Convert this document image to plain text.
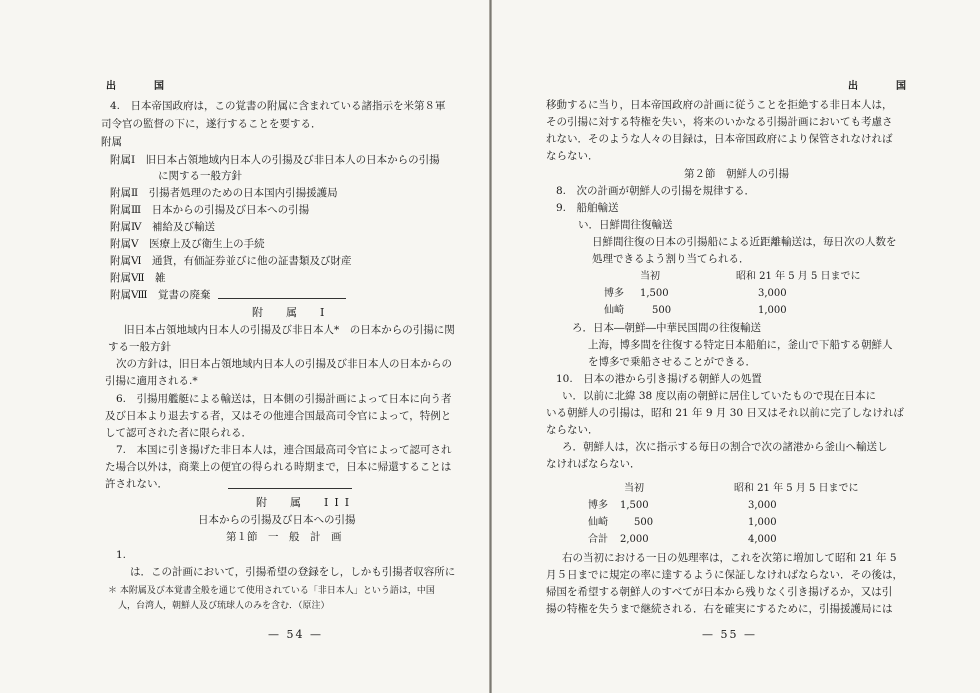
出　　国
4.　日本帝国政府は，この覚書の附属に含まれている諸指示を米第８軍
司令官の監督の下に，遂行することを要する．
附属
附属Ⅰ　旧日本占領地域内日本人の引揚及び非日本人の日本からの引揚
に関する一般方針
附属Ⅱ　引揚者処理のための日本国内引揚援護局
附属Ⅲ　日本からの引揚及び日本への引揚
附属Ⅳ　補給及び輸送
附属Ⅴ　医療上及び衛生上の手続
附属Ⅵ　通貨，有価証券並びに他の証書類及び財産
附属Ⅶ　雑
附属Ⅷ　覚書の廃棄
附　属　Ⅰ
旧日本占領地域内日本人の引揚及び非日本人*　の日本からの引揚に関
する一般方針
次の方針は，旧日本占領地域内日本人の引揚及び非日本人の日本からの
引揚に適用される.*
6.　引揚用艦艇による輸送は，日本側の引揚計画によって日本に向う者
及び日本より退去する者，又はその他連合国最高司令官によって，特例と
して認可された者に限られる．
7.　本国に引き揚げた非日本人は，連合国最高司令官によって認可され
た場合以外は，商業上の便宜の得られる時期まで，日本に帰還することは
許されない．
附　属　III
日本からの引揚及び日本への引揚
第１節　一　般　計　画
1.
は．この計画において，引揚希望の登録をし，しかも引揚者収容所に
＊ 本附属及び本覚書全般を通じて使用されている「非日本人」という語は，中国
人，台湾人，朝鮮人及び琉球人のみを含む．（原注）
— 54 —
出　　国
移動するに当り，日本帝国政府の計画に従うことを拒絶する非日本人は，
その引揚に対する特権を失い，将来のいかなる引揚計画においても考慮さ
れない．そのような人々の目録は，日本帝国政府により保管されなければ
ならない．
第２節　朝鮮人の引揚
8.　次の計画が朝鮮人の引揚を規律する．
9.　船舶輸送
い．日鮮間往復輸送
日鮮間往復の日本の引揚船による近距離輸送は，毎日次の人数を
処理できるよう割り当てられる．
当初	昭和 21 年 5 月 5 日までに
博多 1,500	3,000
仙崎	500	1,000
ろ．日本―朝鮮―中華民国間の往復輸送
上海，博多間を往復する特定日本船舶に，釜山で下船する朝鮮人
を博多で乗船させることができる．
10.　日本の港から引き揚げる朝鮮人の処置
い．以前に北緯 38 度以南の朝鮮に居住していたもので現在日本に
いる朝鮮人の引揚は，昭和 21 年 9 月 30 日又はそれ以前に完了しなければ
ならない．
ろ．朝鮮人は，次に指示する毎日の割合で次の諸港から釜山へ輸送し
なければならない．
当初	昭和 21 年 5 月 5 日までに
博多 1,500	3,000
仙崎	500	1,000
合計 2,000	4,000
右の当初における一日の処理率は，これを次第に増加して昭和 21 年 5
月５日までに規定の率に達するように保証しなければならない．その後は，
帰国を希望する朝鮮人のすべてが日本から残りなく引き揚げるか，又は引
揚の特権を失うまで継続される．右を確実にするために，引揚援護局には
— 55 —
